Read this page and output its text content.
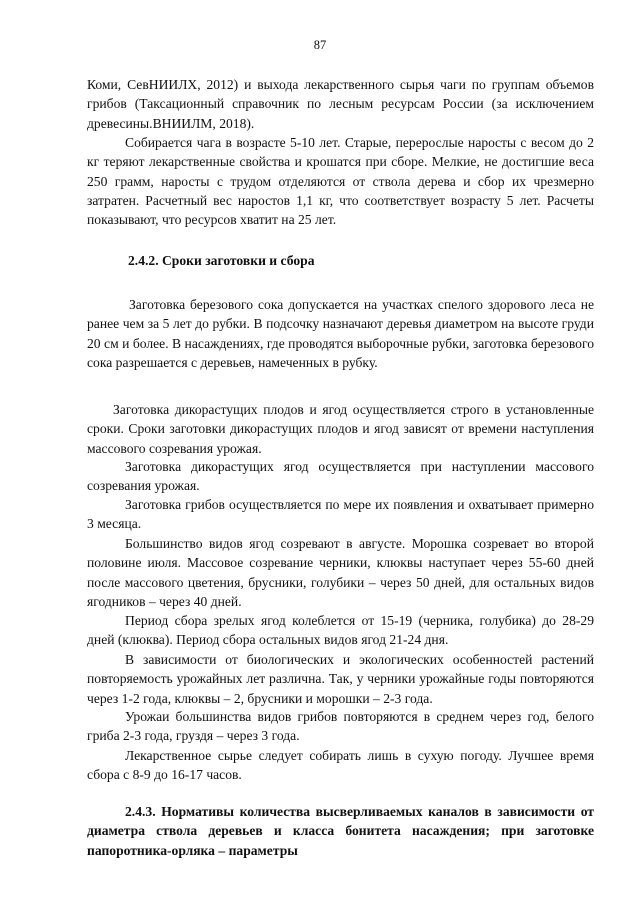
87

Коми, СевНИИЛХ, 2012) и выхода лекарственного сырья чаги по группам объемов грибов (Таксационный справочник по лесным ресурсам России (за исключением древесины.ВНИИЛМ, 2018).

Собирается чага в возрасте 5-10 лет. Старые, перерослые нароcты с весом до 2 кг теряют лекарственные свойства и крошатся при сборе. Мелкие, не достигшие веса 250 грамм, наросты с трудом отделяются от ствола дерева и сбор их чрезмерно затратен. Расчетный вес наростов 1,1 кг, что соответствует возрасту 5 лет. Расчеты показывают, что ресурсов хватит на 25 лет.

2.4.2. Сроки заготовки и сбора

Заготовка березового сока допускается на участках спелого здорового леса не ранее чем за 5 лет до рубки. В подсочку назначают деревья диаметром на высоте груди 20 см и более. В насаждениях, где проводятся выборочные рубки, заготовка березового сока разрешается с деревьев, намеченных в рубку.

Заготовка дикорастущих плодов и ягод осуществляется строго в установленные сроки. Сроки заготовки дикорастущих плодов и ягод зависят от времени наступления массового созревания урожая.

Заготовка дикорастущих ягод осуществляется при наступлении массового созревания урожая.

Заготовка грибов осуществляется по мере их появления и охватывает примерно 3 месяца.

Большинство видов ягод созревают в августе. Морошка созревает во второй половине июля. Массовое созревание черники, клюквы наступает через 55-60 дней после массового цветения, брусники, голубики – через 50 дней, для остальных видов ягодников – через 40 дней.

Период сбора зрелых ягод колеблется от 15-19 (черника, голубика) до 28-29 дней (клюква). Период сбора остальных видов ягод 21-24 дня.

В зависимости от биологических и экологических особенностей растений повторяемость урожайных лет различна. Так, у черники урожайные годы повторяются через 1-2 года, клюквы – 2, брусники и морошки – 2-3 года.

Урожаи большинства видов грибов повторяются в среднем через год, белого гриба 2-3 года, груздя – через 3 года.

Лекарственное сырье следует собирать лишь в сухую погоду. Лучшее время сбора с 8-9 до 16-17 часов.

2.4.3. Нормативы количества высверливаемых каналов в зависимости от диаметра ствола деревьев и класса бонитета насаждения; при заготовке папоротника-орляка – параметры
